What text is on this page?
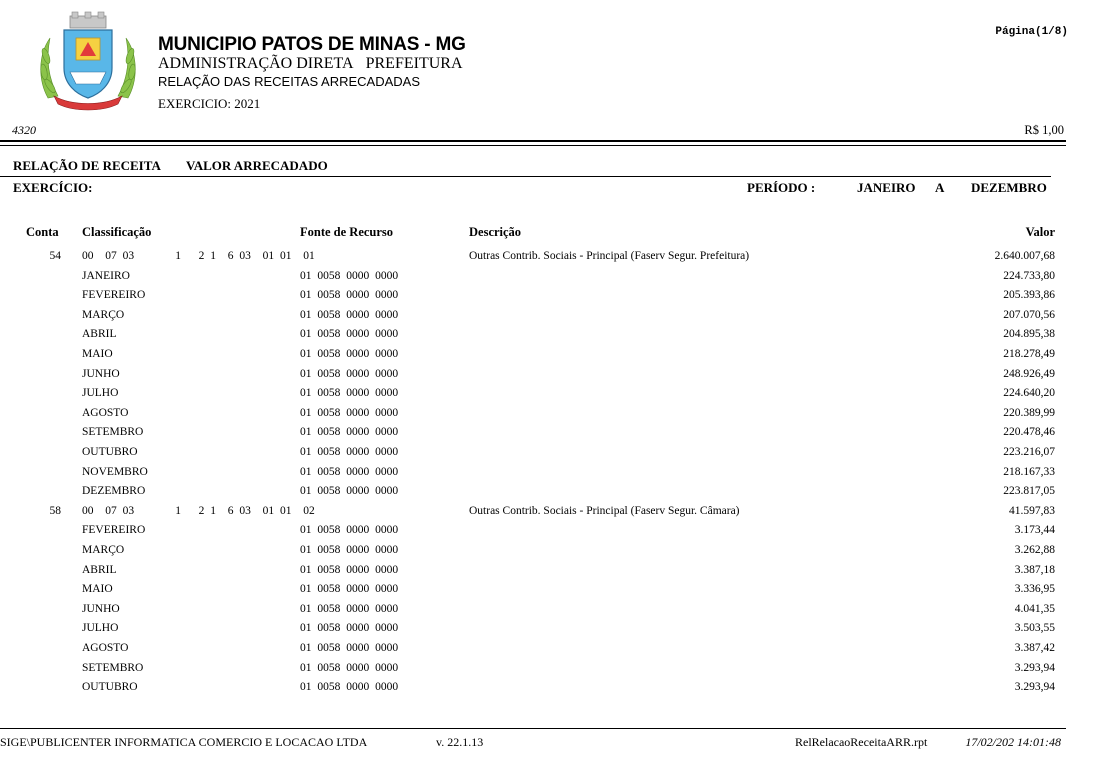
MUNICIPIO PATOS DE MINAS - MG
ADMINISTRAÇÃO DIRETA PREFEITURA
RELAÇÃO DAS RECEITAS ARRECADADAS
EXERCICIO: 2021
Página(1/8)
4320	R$ 1,00
RELAÇÃO DE RECEITA VALOR ARRECADADO
EXERCÍCIO:	PERÍODO :	JANEIRO A DEZEMBRO
Conta Classificação	Fonte de Recurso	Descrição	Valor
54 00  07 03       1   2 1  6 03  01 01  01	Outras Contrib. Sociais - Principal (Faserv Segur. Prefeitura)	2.640.007,68
JANEIRO	01 0058 0000 0000	224.733,80
FEVEREIRO	01 0058 0000 0000	205.393,86
MARÇO	01 0058 0000 0000	207.070,56
ABRIL	01 0058 0000 0000	204.895,38
MAIO	01 0058 0000 0000	218.278,49
JUNHO	01 0058 0000 0000	248.926,49
JULHO	01 0058 0000 0000	224.640,20
AGOSTO	01 0058 0000 0000	220.389,99
SETEMBRO	01 0058 0000 0000	220.478,46
OUTUBRO	01 0058 0000 0000	223.216,07
NOVEMBRO	01 0058 0000 0000	218.167,33
DEZEMBRO	01 0058 0000 0000	223.817,05
58 00  07 03       1   2 1  6 03  01 01  02	Outras Contrib. Sociais - Principal (Faserv Segur. Câmara)	41.597,83
FEVEREIRO	01 0058 0000 0000	3.173,44
MARÇO	01 0058 0000 0000	3.262,88
ABRIL	01 0058 0000 0000	3.387,18
MAIO	01 0058 0000 0000	3.336,95
JUNHO	01 0058 0000 0000	4.041,35
JULHO	01 0058 0000 0000	3.503,55
AGOSTO	01 0058 0000 0000	3.387,42
SETEMBRO	01 0058 0000 0000	3.293,94
OUTUBRO	01 0058 0000 0000	3.293,94
SIGE\PUBLICENTER INFORMATICA COMERCIO E LOCACAO LTDA	v. 22.1.13	RelRelacaoReceitaARR.rpt	17/02/202 14:01:48
